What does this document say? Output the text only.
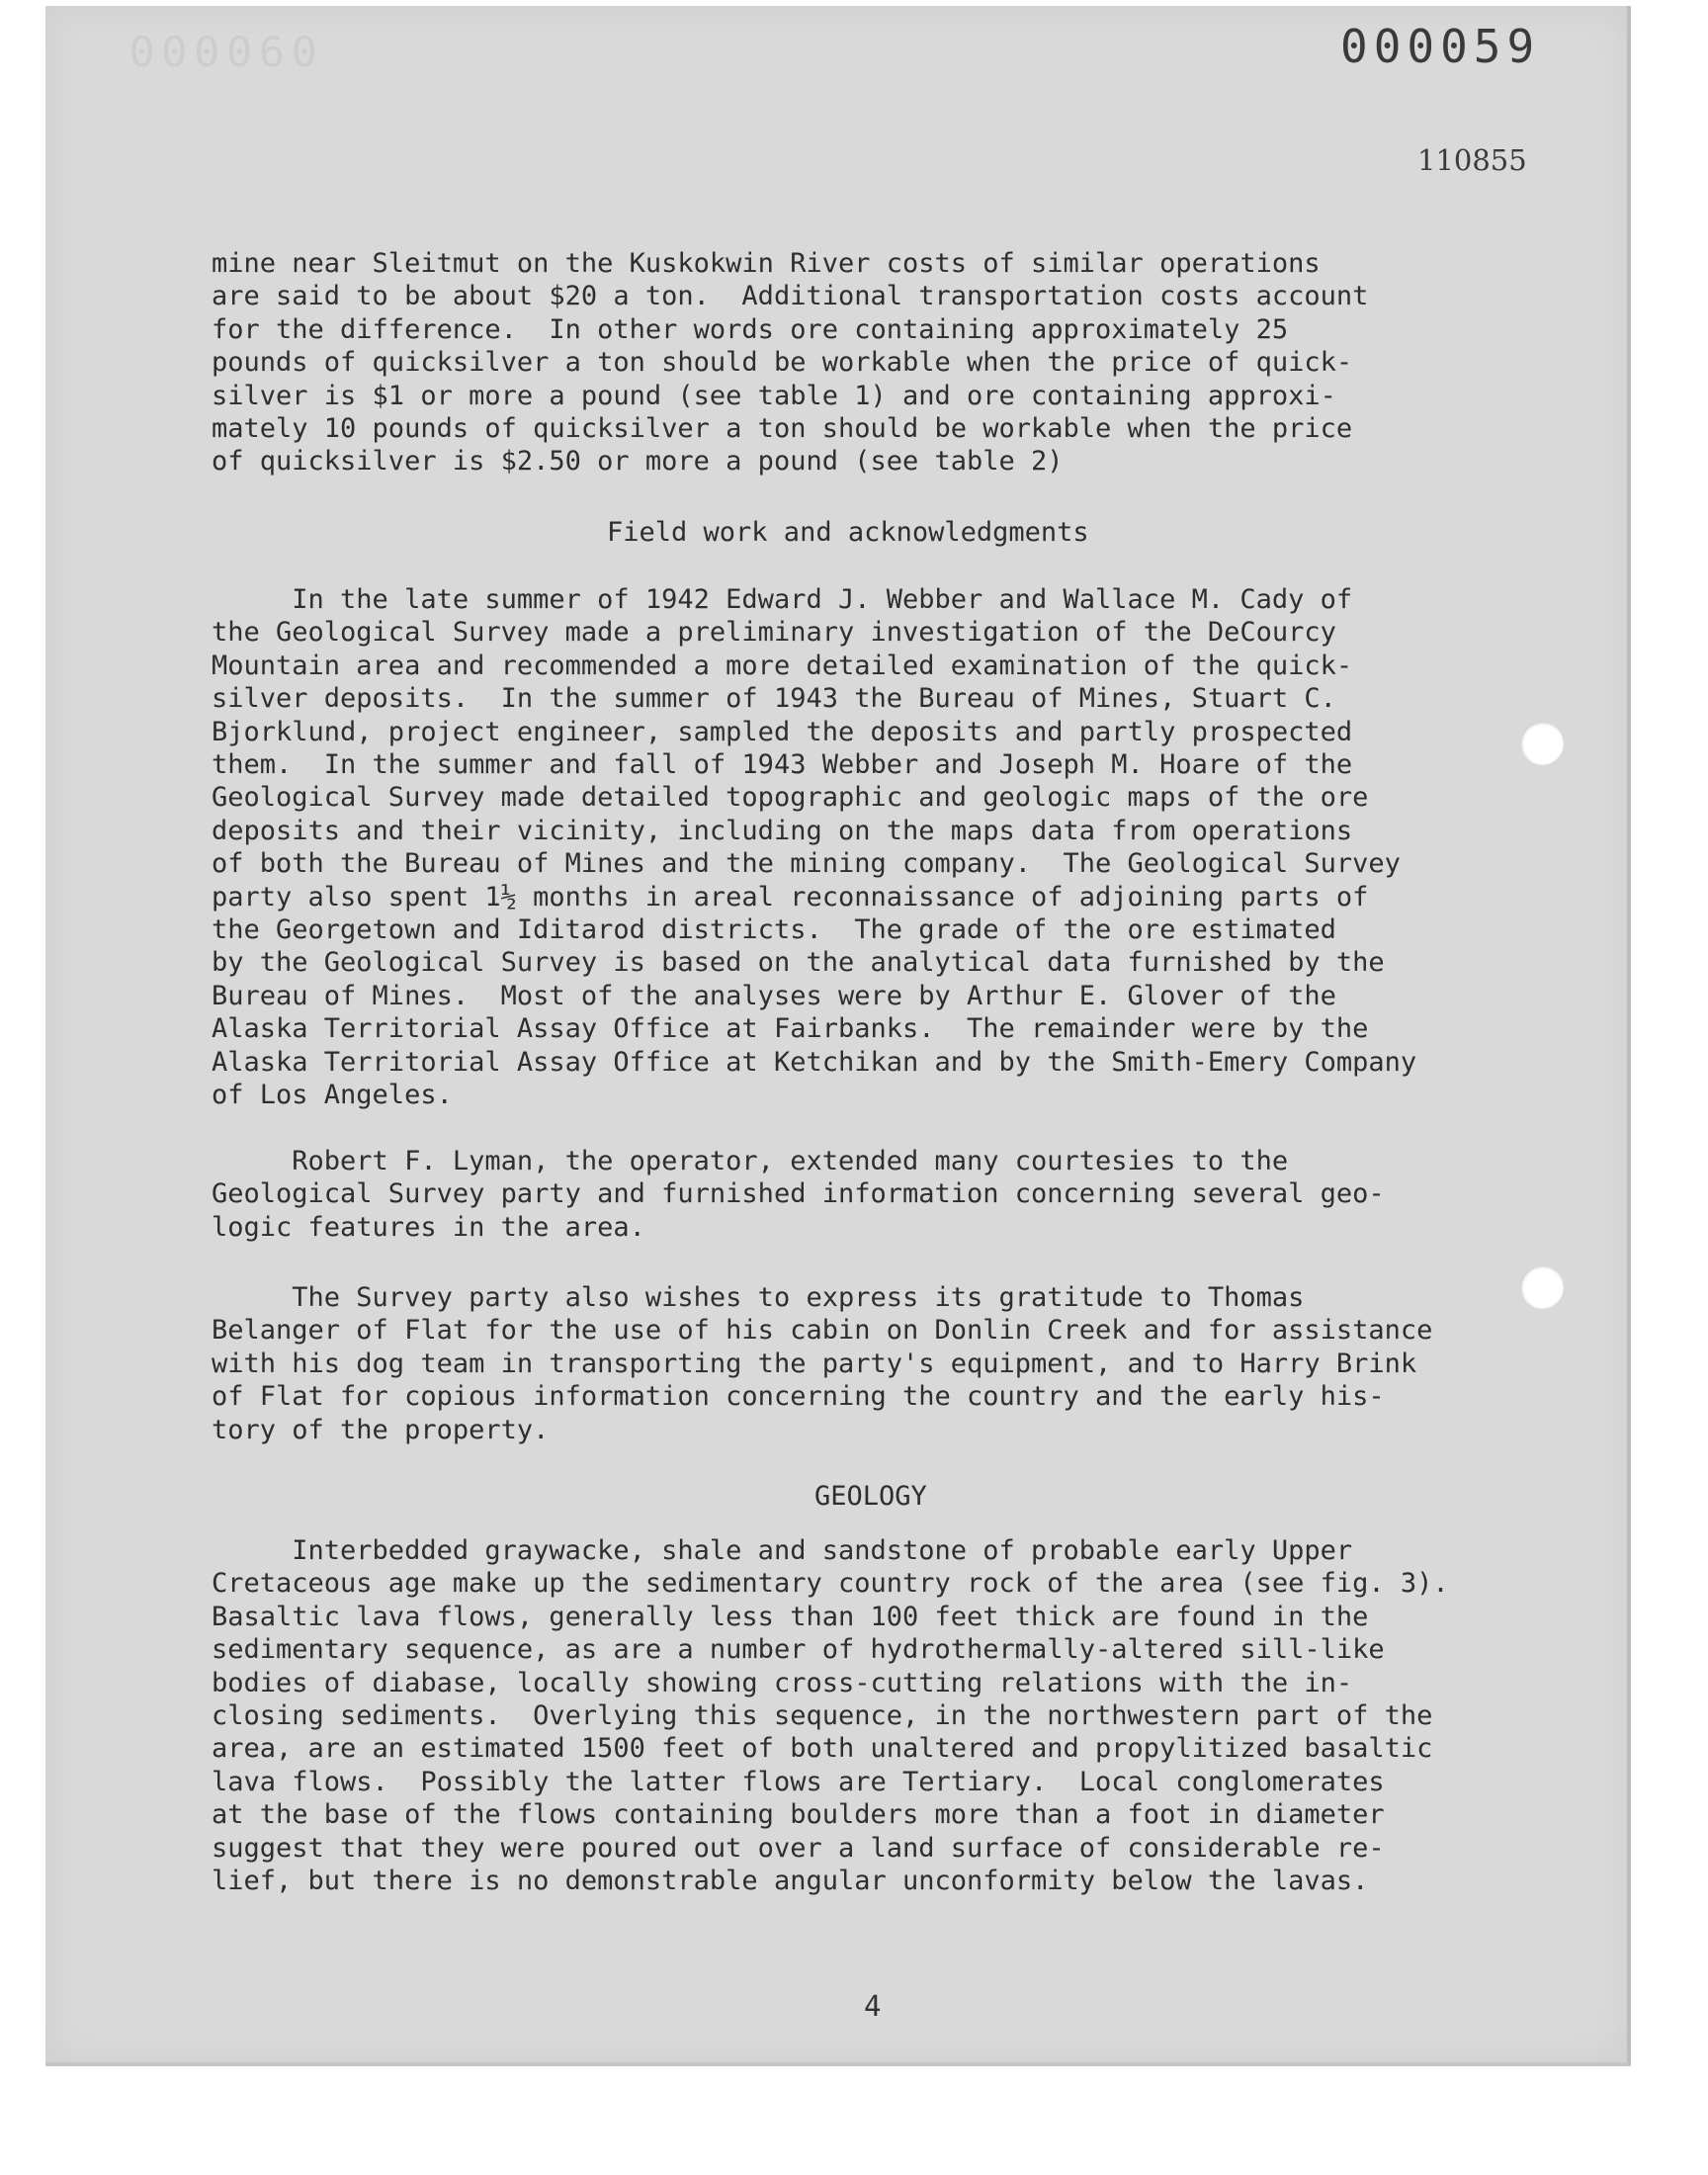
000060	000059
110855
mine near Sleitmut on the Kuskokwin River costs of similar operations
are said to be about $20 a ton.  Additional transportation costs account
for the difference.  In other words ore containing approximately 25
pounds of quicksilver a ton should be workable when the price of quick-
silver is $1 or more a pound (see table 1) and ore containing approxi-
mately 10 pounds of quicksilver a ton should be workable when the price
of quicksilver is $2.50 or more a pound (see table 2)
Field work and acknowledgments
In the late summer of 1942 Edward J. Webber and Wallace M. Cady of
the Geological Survey made a preliminary investigation of the DeCourcy
Mountain area and recommended a more detailed examination of the quick-
silver deposits.  In the summer of 1943 the Bureau of Mines, Stuart C.
Bjorklund, project engineer, sampled the deposits and partly prospected
them.  In the summer and fall of 1943 Webber and Joseph M. Hoare of the
Geological Survey made detailed topographic and geologic maps of the ore
deposits and their vicinity, including on the maps data from operations
of both the Bureau of Mines and the mining company.  The Geological Survey
party also spent 1½ months in areal reconnaissance of adjoining parts of
the Georgetown and Iditarod districts.  The grade of the ore estimated
by the Geological Survey is based on the analytical data furnished by the
Bureau of Mines.  Most of the analyses were by Arthur E. Glover of the
Alaska Territorial Assay Office at Fairbanks.  The remainder were by the
Alaska Territorial Assay Office at Ketchikan and by the Smith-Emery Company
of Los Angeles.
Robert F. Lyman, the operator, extended many courtesies to the
Geological Survey party and furnished information concerning several geo-
logic features in the area.
The Survey party also wishes to express its gratitude to Thomas
Belanger of Flat for the use of his cabin on Donlin Creek and for assistance
with his dog team in transporting the party's equipment, and to Harry Brink
of Flat for copious information concerning the country and the early his-
tory of the property.
GEOLOGY
Interbedded graywacke, shale and sandstone of probable early Upper
Cretaceous age make up the sedimentary country rock of the area (see fig. 3).
Basaltic lava flows, generally less than 100 feet thick are found in the
sedimentary sequence, as are a number of hydrothermally-altered sill-like
bodies of diabase, locally showing cross-cutting relations with the in-
closing sediments.  Overlying this sequence, in the northwestern part of the
area, are an estimated 1500 feet of both unaltered and propylitized basaltic
lava flows.  Possibly the latter flows are Tertiary.  Local conglomerates
at the base of the flows containing boulders more than a foot in diameter
suggest that they were poured out over a land surface of considerable re-
lief, but there is no demonstrable angular unconformity below the lavas.
4
